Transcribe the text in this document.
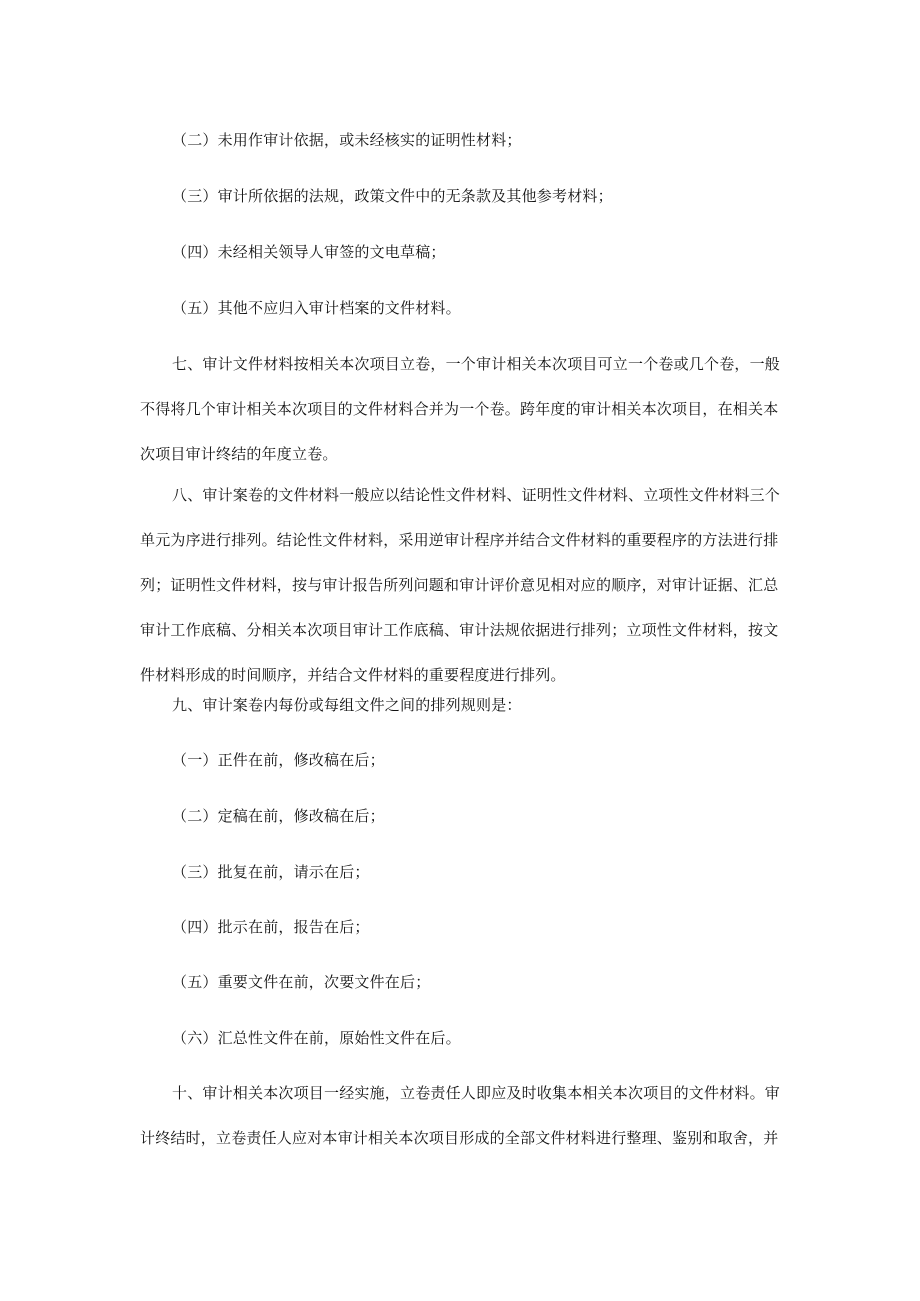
（二）未用作审计依据，或未经核实的证明性材料；
（三）审计所依据的法规，政策文件中的无条款及其他参考材料；
（四）未经相关领导人审签的文电草稿；
（五）其他不应归入审计档案的文件材料。
七、审计文件材料按相关本次项目立卷，一个审计相关本次项目可立一个卷或几个卷，一般
不得将几个审计相关本次项目的文件材料合并为一个卷。跨年度的审计相关本次项目，在相关本
次项目审计终结的年度立卷。
八、审计案卷的文件材料一般应以结论性文件材料、证明性文件材料、立项性文件材料三个
单元为序进行排列。结论性文件材料，采用逆审计程序并结合文件材料的重要程序的方法进行排
列；证明性文件材料，按与审计报告所列问题和审计评价意见相对应的顺序，对审计证据、汇总
审计工作底稿、分相关本次项目审计工作底稿、审计法规依据进行排列；立项性文件材料，按文
件材料形成的时间顺序，并结合文件材料的重要程度进行排列。
九、审计案卷内每份或每组文件之间的排列规则是：
（一）正件在前，修改稿在后；
（二）定稿在前，修改稿在后；
（三）批复在前，请示在后；
（四）批示在前，报告在后；
（五）重要文件在前，次要文件在后；
（六）汇总性文件在前，原始性文件在后。
十、审计相关本次项目一经实施，立卷责任人即应及时收集本相关本次项目的文件材料。审
计终结时，立卷责任人应对本审计相关本次项目形成的全部文件材料进行整理、鉴别和取舍，并
